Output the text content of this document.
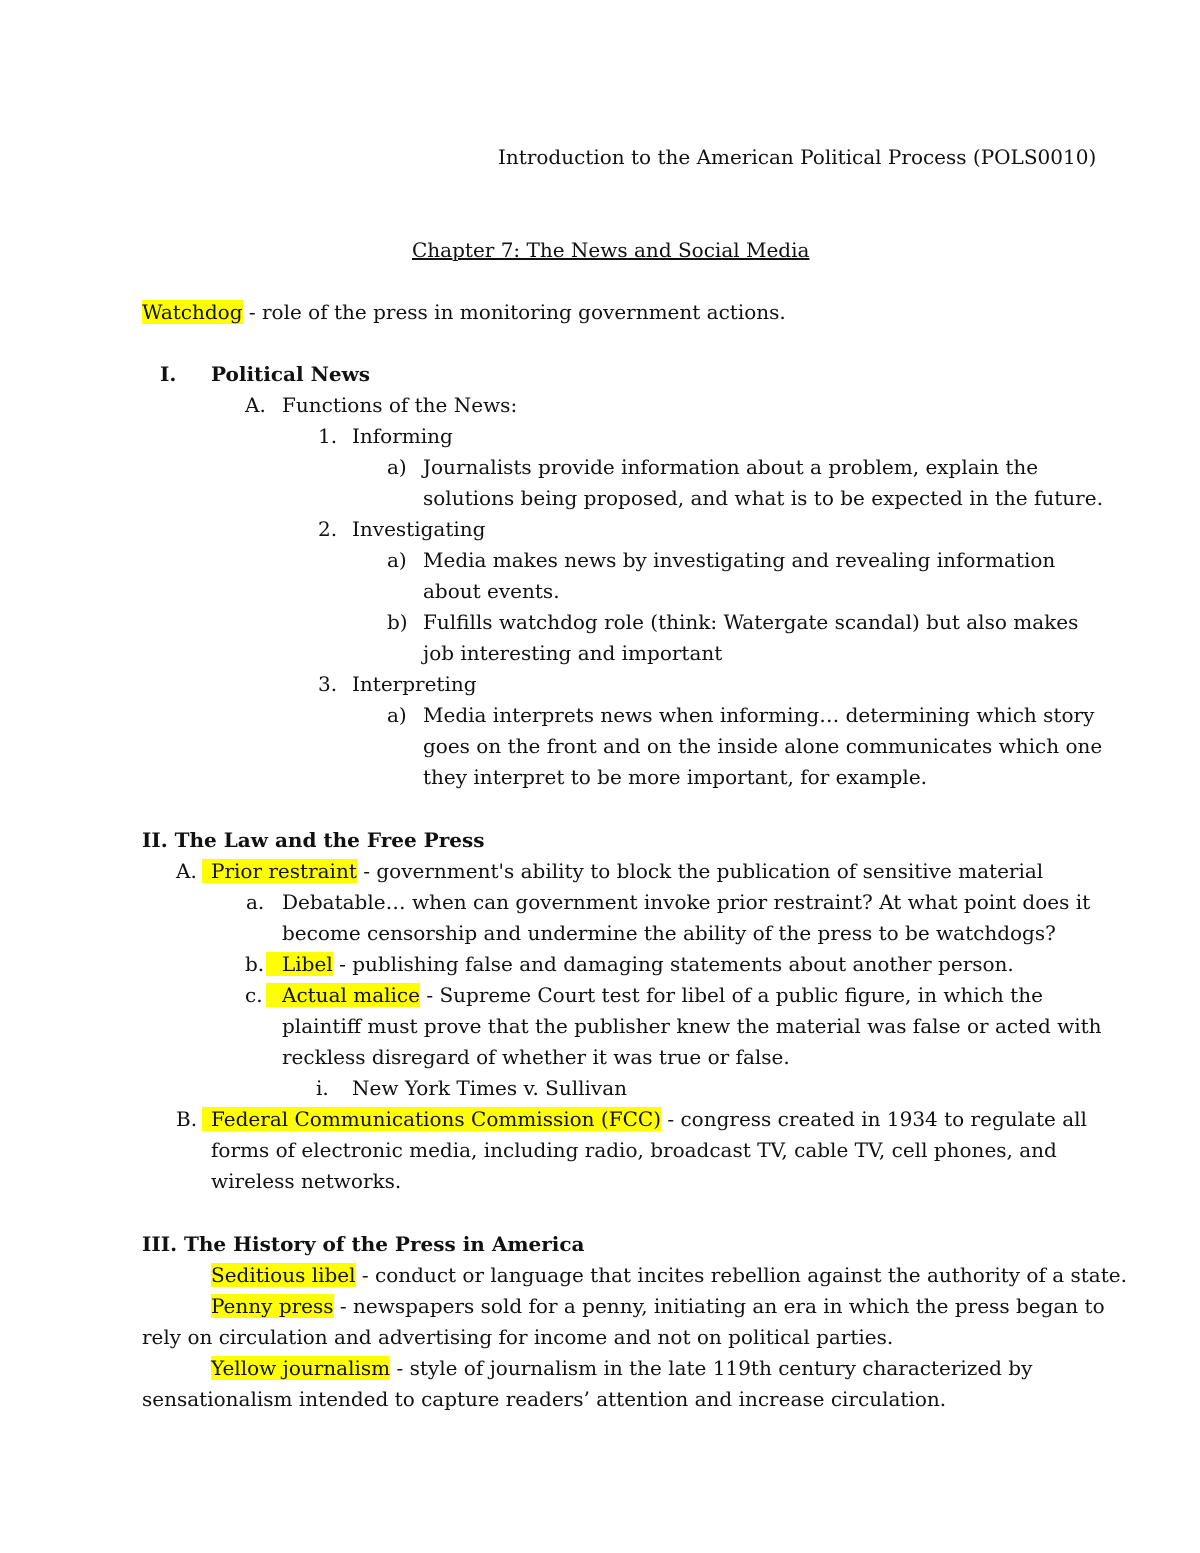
Introduction to the American Political Process (POLS0010)
Chapter 7: The News and Social Media
Watchdog - role of the press in monitoring government actions.
I. Political News
A. Functions of the News:
1. Informing
a) Journalists provide information about a problem, explain the
solutions being proposed, and what is to be expected in the future.
2. Investigating
a) Media makes news by investigating and revealing information
about events.
b) Fulfills watchdog role (think: Watergate scandal) but also makes
job interesting and important
3. Interpreting
a) Media interprets news when informing… determining which story
goes on the front and on the inside alone communicates which one
they interpret to be more important, for example.
II. The Law and the Free Press
A. Prior restraint - government's ability to block the publication of sensitive material
a. Debatable… when can government invoke prior restraint? At what point does it
become censorship and undermine the ability of the press to be watchdogs?
b. Libel - publishing false and damaging statements about another person.
c. Actual malice - Supreme Court test for libel of a public figure, in which the
plaintiff must prove that the publisher knew the material was false or acted with
reckless disregard of whether it was true or false.
i. New York Times v. Sullivan
B. Federal Communications Commission (FCC) - congress created in 1934 to regulate all
forms of electronic media, including radio, broadcast TV, cable TV, cell phones, and
wireless networks.
III. The History of the Press in America
Seditious libel - conduct or language that incites rebellion against the authority of a state.
Penny press - newspapers sold for a penny, initiating an era in which the press began to
rely on circulation and advertising for income and not on political parties.
Yellow journalism - style of journalism in the late 119th century characterized by
sensationalism intended to capture readers’ attention and increase circulation.
